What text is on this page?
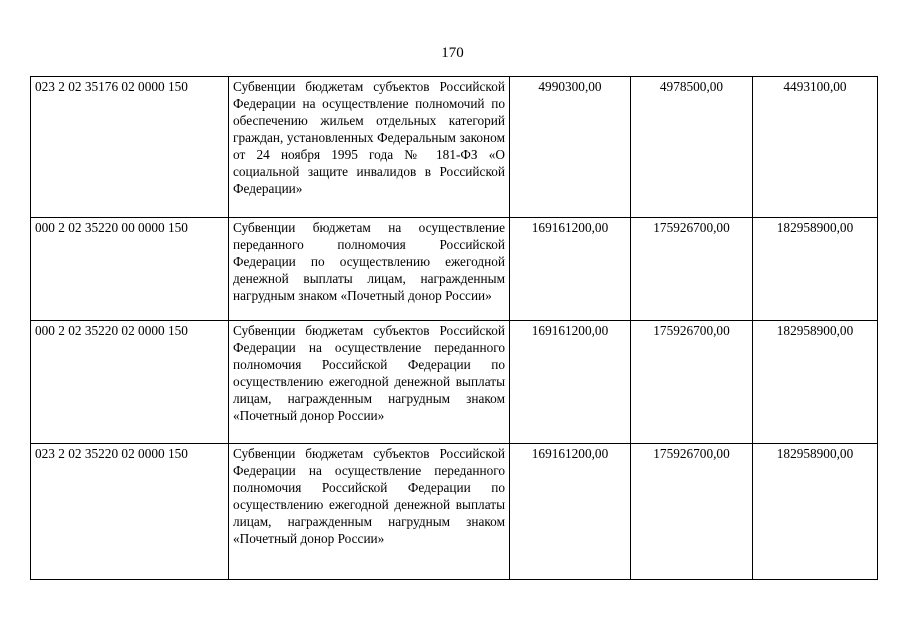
170
023 2 02 35176 02 0000 150	Субвенции бюджетам субъектов Российской Федерации на осуществление полномочий по обеспечению жильем отдельных категорий граждан, установленных Федеральным законом от 24 ноября 1995 года № 181-ФЗ «О социальной защите инвалидов в Российской Федерации»	4990300,00	4978500,00	4493100,00
000 2 02 35220 00 0000 150	Субвенции бюджетам на осуществление переданного полномочия Российской Федерации по осуществлению ежегодной денежной выплаты лицам, награжденным нагрудным знаком «Почетный донор России»	169161200,00	175926700,00	182958900,00
000 2 02 35220 02 0000 150	Субвенции бюджетам субъектов Российской Федерации на осуществление переданного полномочия Российской Федерации по осуществлению ежегодной денежной выплаты лицам, награжденным нагрудным знаком «Почетный донор России»	169161200,00	175926700,00	182958900,00
023 2 02 35220 02 0000 150	Субвенции бюджетам субъектов Российской Федерации на осуществление переданного полномочия Российской Федерации по осуществлению ежегодной денежной выплаты лицам, награжденным нагрудным знаком «Почетный донор России»	169161200,00	175926700,00	182958900,00
